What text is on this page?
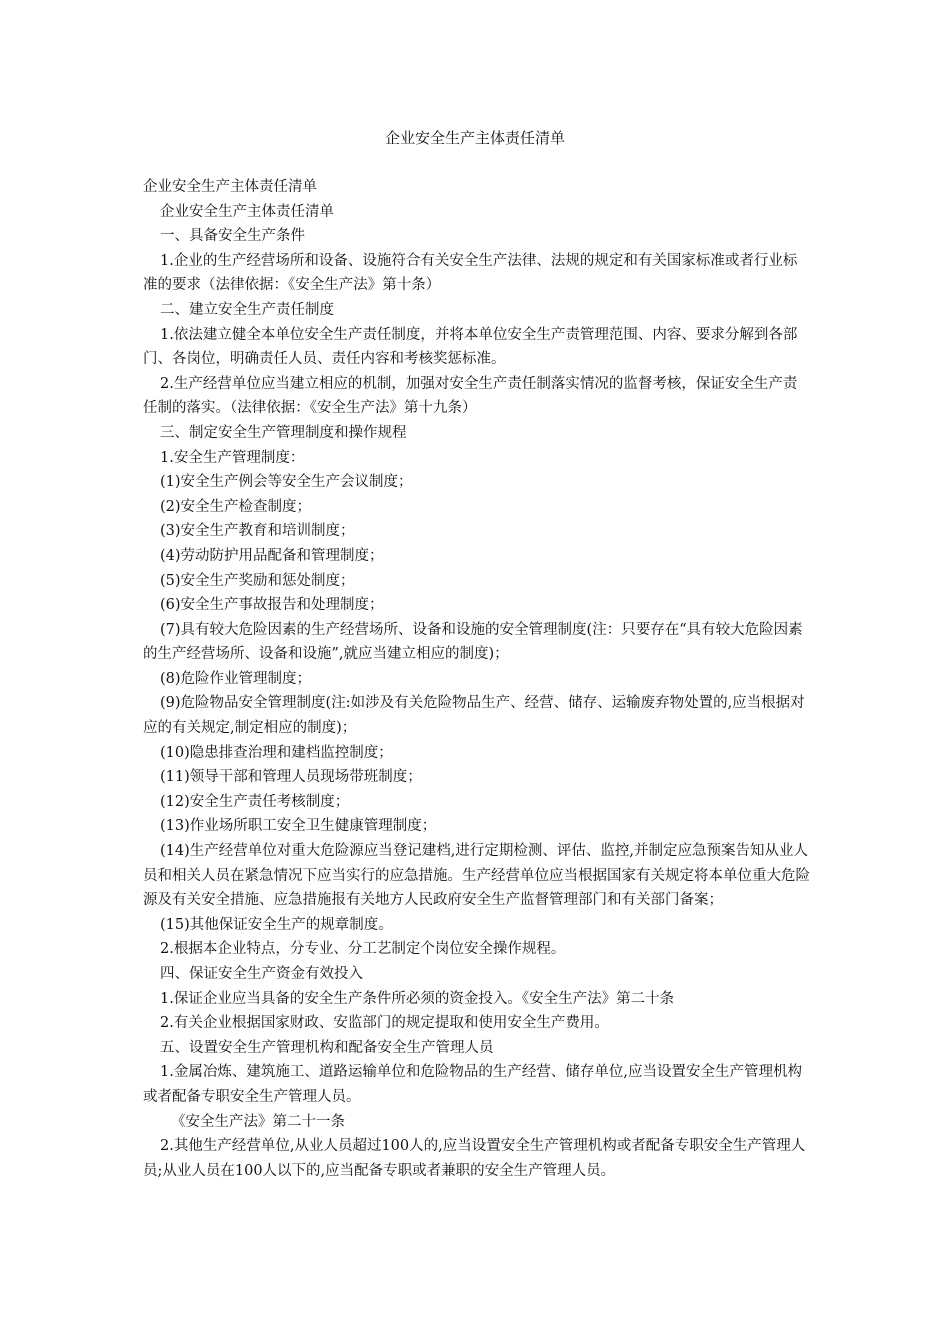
企业安全生产主体责任清单

企业安全生产主体责任清单

企业安全生产主体责任清单

一、具备安全生产条件

1.企业的生产经营场所和设备、设施符合有关安全生产法律、法规的规定和有关国家标准或者行业标准的要求（法律依据：《安全生产法》第十条）

二、建立安全生产责任制度

1.依法建立健全本单位安全生产责任制度，并将本单位安全生产责管理范围、内容、要求分解到各部门、各岗位，明确责任人员、责任内容和考核奖惩标准。

2.生产经营单位应当建立相应的机制，加强对安全生产责任制落实情况的监督考核，保证安全生产责任制的落实。（法律依据：《安全生产法》第十九条）

三、制定安全生产管理制度和操作规程

1.安全生产管理制度：

(1)安全生产例会等安全生产会议制度；

(2)安全生产检查制度；

(3)安全生产教育和培训制度；

(4)劳动防护用品配备和管理制度；

(5)安全生产奖励和惩处制度；

(6)安全生产事故报告和处理制度；

(7)具有较大危险因素的生产经营场所、设备和设施的安全管理制度(注：只要存在“具有较大危险因素的生产经营场所、设备和设施”,就应当建立相应的制度)；

(8)危险作业管理制度；

(9)危险物品安全管理制度(注:如涉及有关危险物品生产、经营、储存、运输废弃物处置的,应当根据对应的有关规定,制定相应的制度)；

(10)隐患排查治理和建档监控制度；

(11)领导干部和管理人员现场带班制度；

(12)安全生产责任考核制度；

(13)作业场所职工安全卫生健康管理制度；

(14)生产经营单位对重大危险源应当登记建档,进行定期检测、评估、监控,并制定应急预案告知从业人员和相关人员在紧急情况下应当实行的应急措施。生产经营单位应当根据国家有关规定将本单位重大危险源及有关安全措施、应急措施报有关地方人民政府安全生产监督管理部门和有关部门备案；

(15)其他保证安全生产的规章制度。

2.根据本企业特点，分专业、分工艺制定个岗位安全操作规程。

四、保证安全生产资金有效投入

1.保证企业应当具备的安全生产条件所必须的资金投入。《安全生产法》第二十条

2.有关企业根据国家财政、安监部门的规定提取和使用安全生产费用。

五、设置安全生产管理机构和配备安全生产管理人员

1.金属冶炼、建筑施工、道路运输单位和危险物品的生产经营、储存单位,应当设置安全生产管理机构或者配备专职安全生产管理人员。

《安全生产法》第二十一条

2.其他生产经营单位,从业人员超过100人的,应当设置安全生产管理机构或者配备专职安全生产管理人员;从业人员在100人以下的,应当配备专职或者兼职的安全生产管理人员。
